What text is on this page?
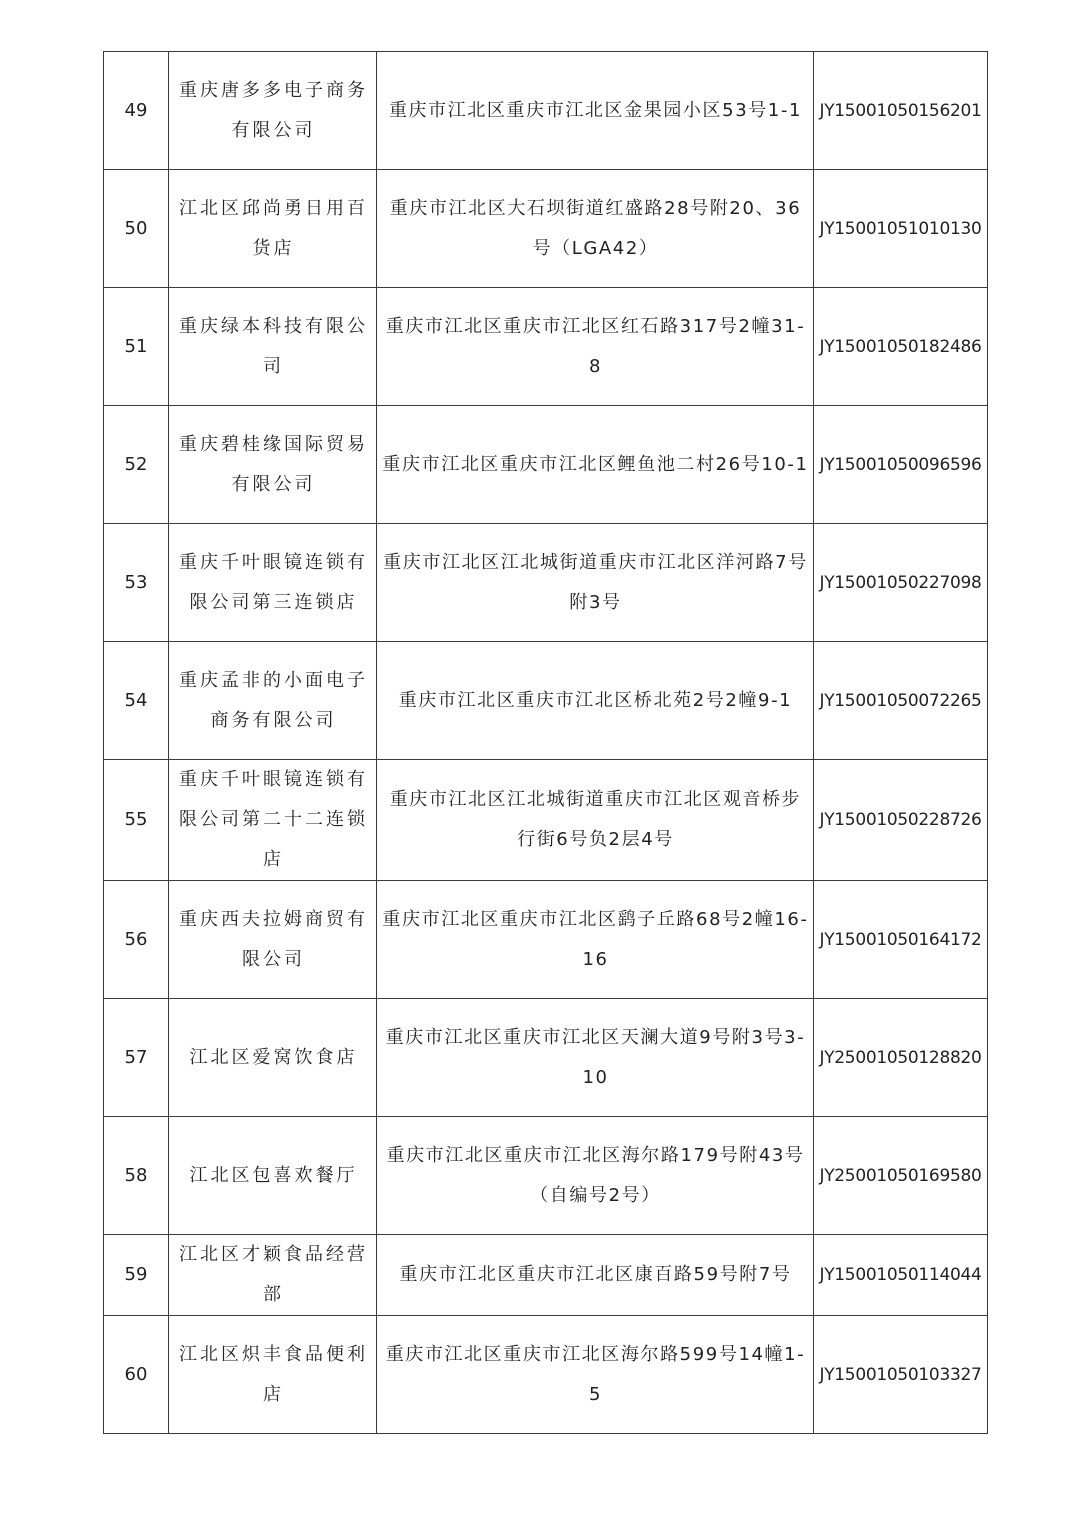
49	重庆唐多多电子商务有限公司	重庆市江北区重庆市江北区金果园小区53号1-1	JY15001050156201
50	江北区邱尚勇日用百货店	重庆市江北区大石坝街道红盛路28号附20、36号（LGA42）	JY15001051010130
51	重庆绿本科技有限公司	重庆市江北区重庆市江北区红石路317号2幢31-8	JY15001050182486
52	重庆碧桂缘国际贸易有限公司	重庆市江北区重庆市江北区鲤鱼池二村26号10-1	JY15001050096596
53	重庆千叶眼镜连锁有限公司第三连锁店	重庆市江北区江北城街道重庆市江北区洋河路7号附3号	JY15001050227098
54	重庆孟非的小面电子商务有限公司	重庆市江北区重庆市江北区桥北苑2号2幢9-1	JY15001050072265
55	重庆千叶眼镜连锁有限公司第二十二连锁店	重庆市江北区江北城街道重庆市江北区观音桥步行街6号负2层4号	JY15001050228726
56	重庆西夫拉姆商贸有限公司	重庆市江北区重庆市江北区鹞子丘路68号2幢16-16	JY15001050164172
57	江北区爱窝饮食店	重庆市江北区重庆市江北区天澜大道9号附3号3-10	JY25001050128820
58	江北区包喜欢餐厅	重庆市江北区重庆市江北区海尔路179号附43号（自编号2号）	JY25001050169580
59	江北区才颖食品经营部	重庆市江北区重庆市江北区康百路59号附7号	JY15001050114044
60	江北区炽丰食品便利店	重庆市江北区重庆市江北区海尔路599号14幢1-5	JY15001050103327
